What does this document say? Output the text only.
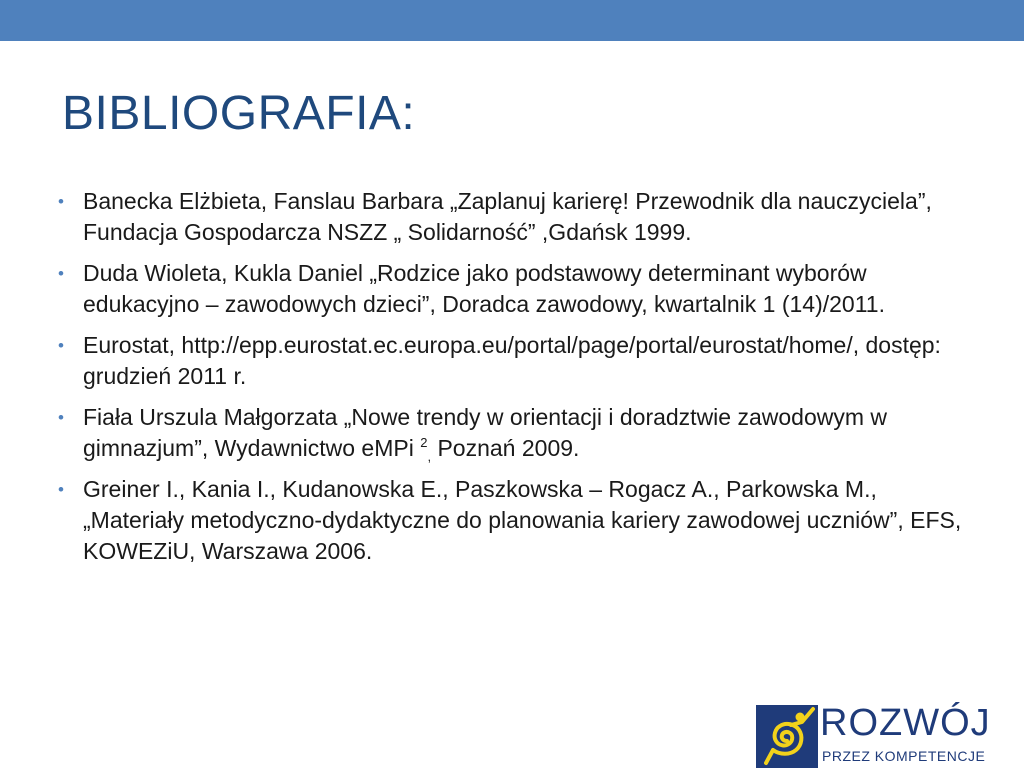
BIBLIOGRAFIA:
• Banecka Elżbieta, Fanslau Barbara „Zaplanuj karierę! Przewodnik dla nauczyciela”, Fundacja Gospodarcza NSZZ „ Solidarność” ,Gdańsk 1999.
• Duda Wioleta, Kukla Daniel „Rodzice jako podstawowy determinant wyborów edukacyjno – zawodowych dzieci”, Doradca zawodowy, kwartalnik 1 (14)/2011.
• Eurostat, http://epp.eurostat.ec.europa.eu/portal/page/portal/eurostat/home/, dostęp: grudzień 2011 r.
• Fiała Urszula Małgorzata „Nowe trendy w orientacji i doradztwie zawodowym w gimnazjum”, Wydawnictwo eMPi $^2_,$ Poznań 2009.
• Greiner I., Kania I., Kudanowska E., Paszkowska – Rogacz A., Parkowska M., „Materiały metodyczno-dydaktyczne do planowania kariery zawodowej uczniów”, EFS, KOWEZiU, Warszawa 2006.
ROZWÓJ
PRZEZ KOMPETENCJE
